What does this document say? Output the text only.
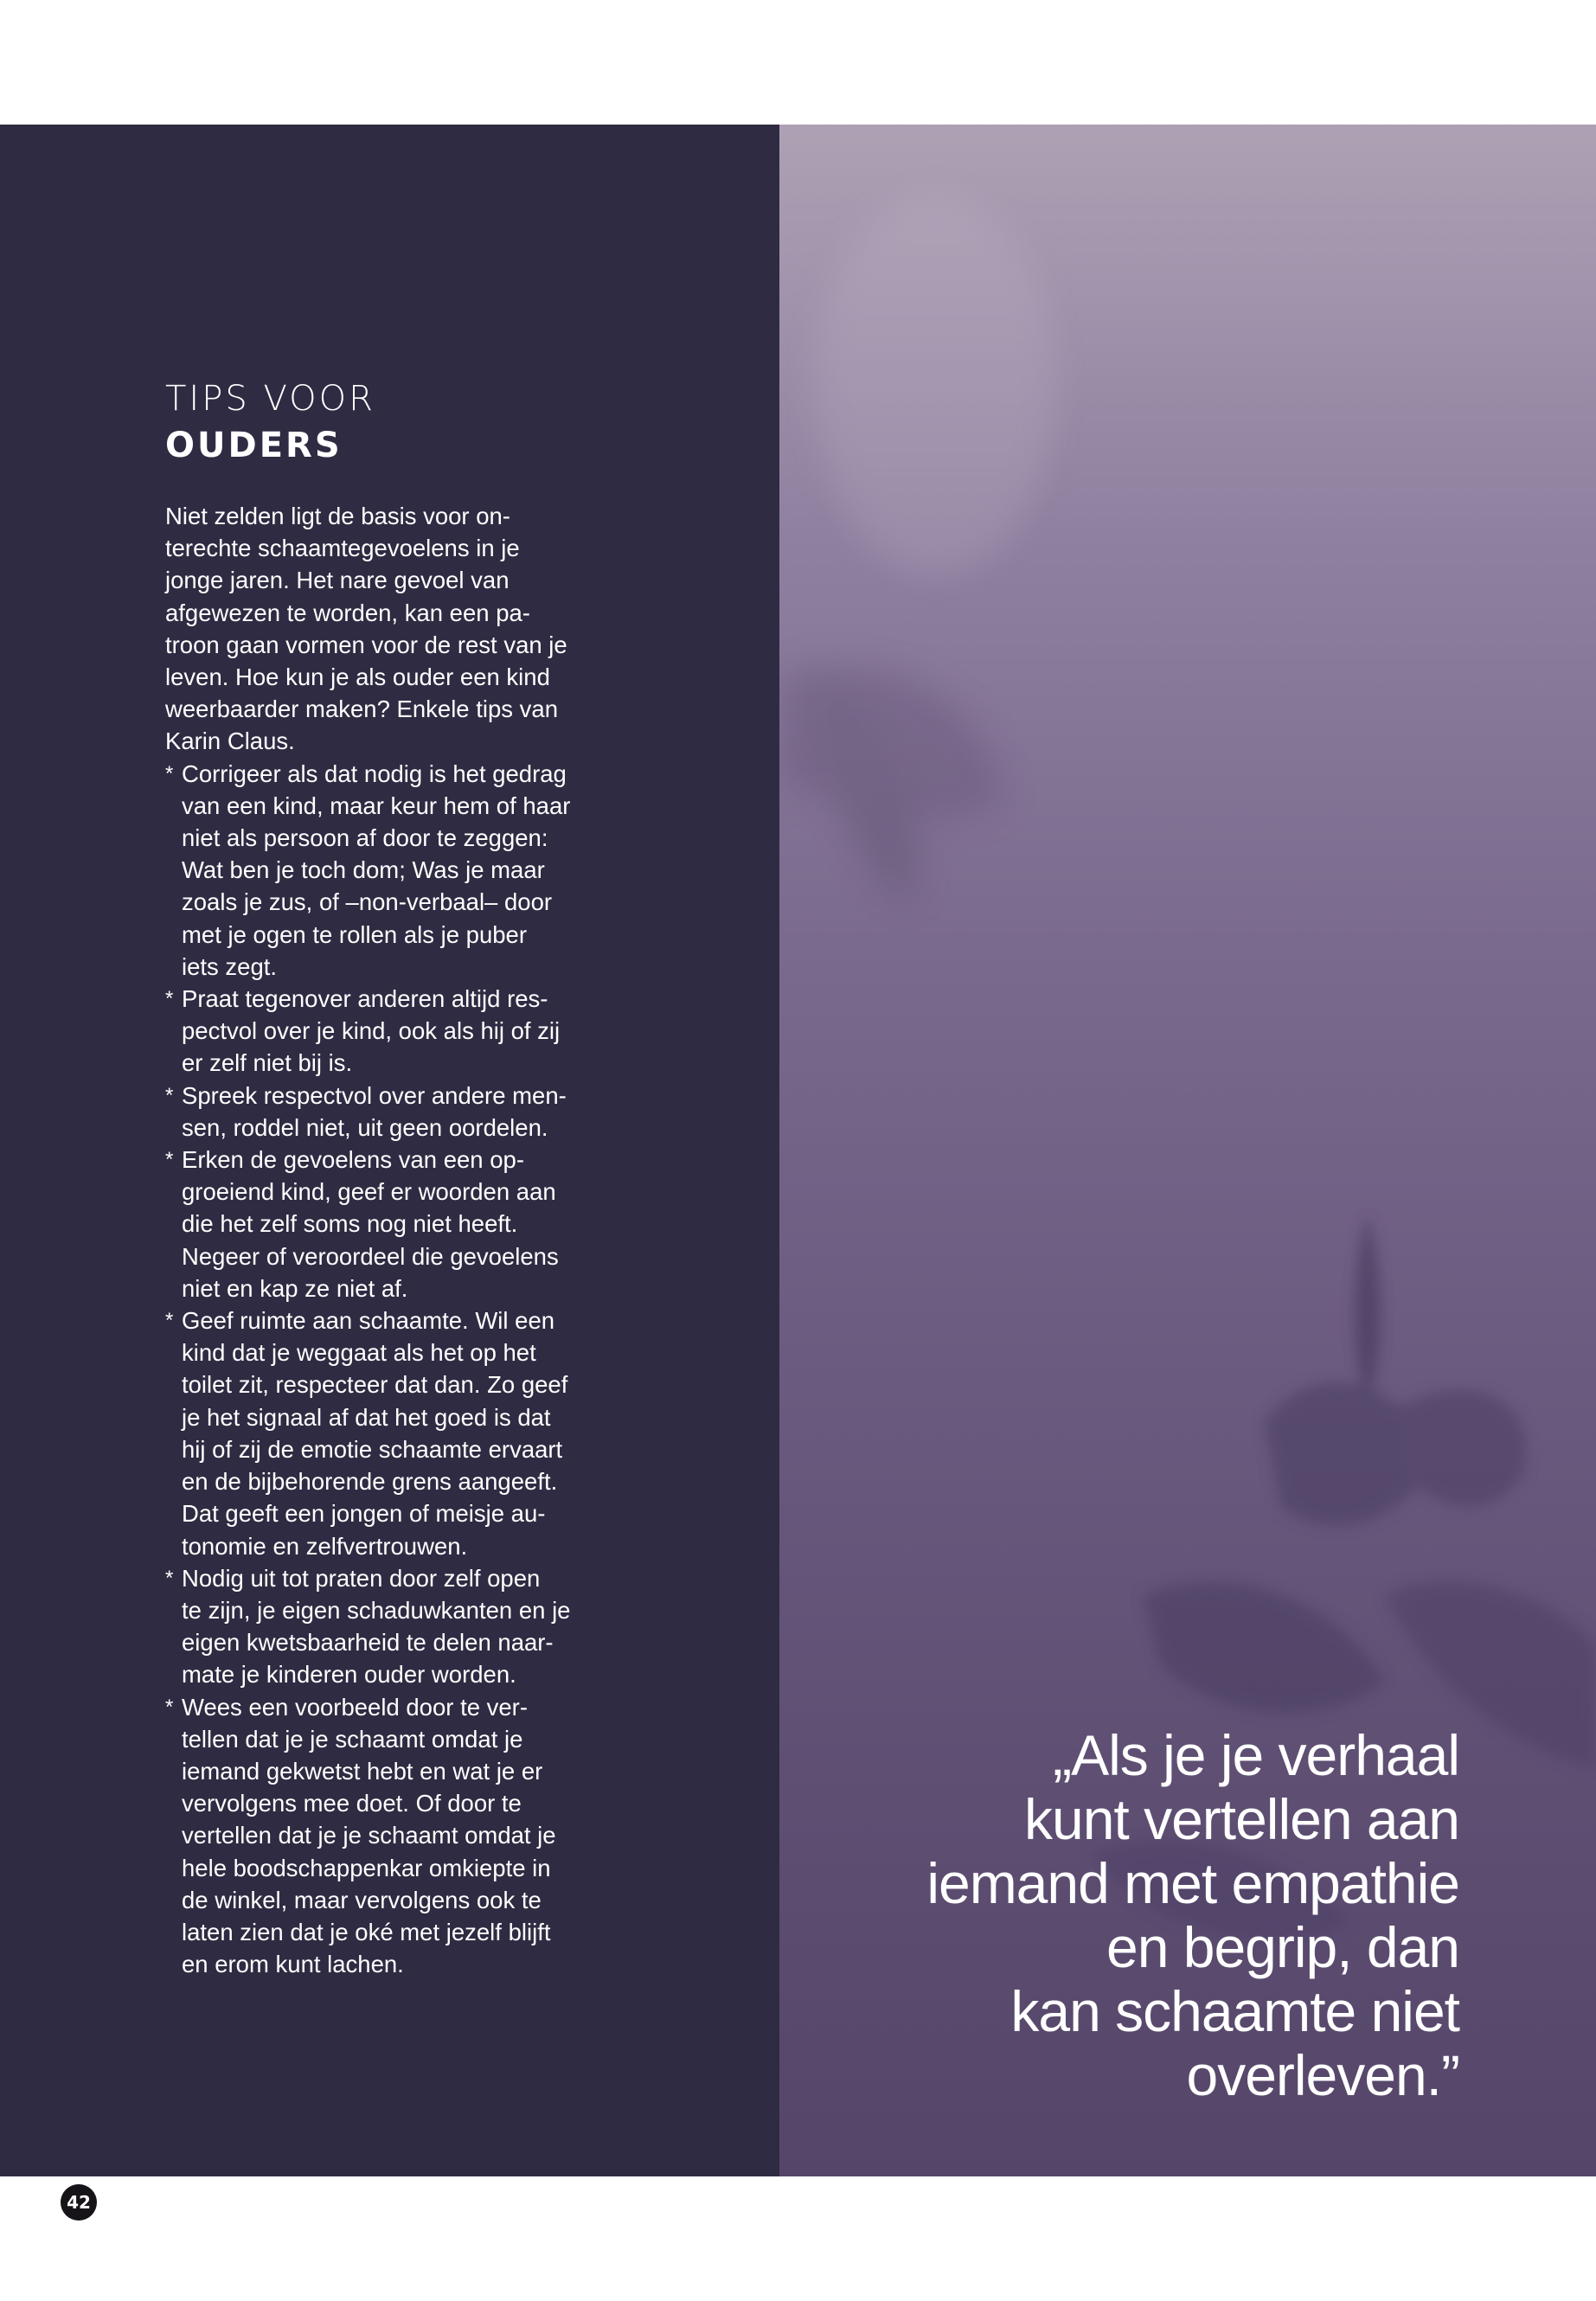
TIPS VOOR
OUDERS

Niet zelden ligt de basis voor on-
terechte schaamtegevoelens in je
jonge jaren. Het nare gevoel van
afgewezen te worden, kan een pa-
troon gaan vormen voor de rest van je
leven. Hoe kun je als ouder een kind
weerbaarder maken? Enkele tips van
Karin Claus.

* Corrigeer als dat nodig is het gedrag
van een kind, maar keur hem of haar
niet als persoon af door te zeggen:
Wat ben je toch dom; Was je maar
zoals je zus, of –non-verbaal– door
met je ogen te rollen als je puber
iets zegt.
* Praat tegenover anderen altijd res-
pectvol over je kind, ook als hij of zij
er zelf niet bij is.
* Spreek respectvol over andere men-
sen, roddel niet, uit geen oordelen.
* Erken de gevoelens van een op-
groeiend kind, geef er woorden aan
die het zelf soms nog niet heeft.
Negeer of veroordeel die gevoelens
niet en kap ze niet af.
* Geef ruimte aan schaamte. Wil een
kind dat je weggaat als het op het
toilet zit, respecteer dat dan. Zo geef
je het signaal af dat het goed is dat
hij of zij de emotie schaamte ervaart
en de bijbehorende grens aangeeft.
Dat geeft een jongen of meisje au-
tonomie en zelfvertrouwen.
* Nodig uit tot praten door zelf open
te zijn, je eigen schaduwkanten en je
eigen kwetsbaarheid te delen naar-
mate je kinderen ouder worden.
* Wees een voorbeeld door te ver-
tellen dat je je schaamt omdat je
iemand gekwetst hebt en wat je er
vervolgens mee doet. Of door te
vertellen dat je je schaamt omdat je
hele boodschappenkar omkiepte in
de winkel, maar vervolgens ook te
laten zien dat je oké met jezelf blijft
en erom kunt lachen.
42
„Als je je verhaal
kunt vertellen aan
iemand met empathie
en begrip, dan
kan schaamte niet
overleven.”
